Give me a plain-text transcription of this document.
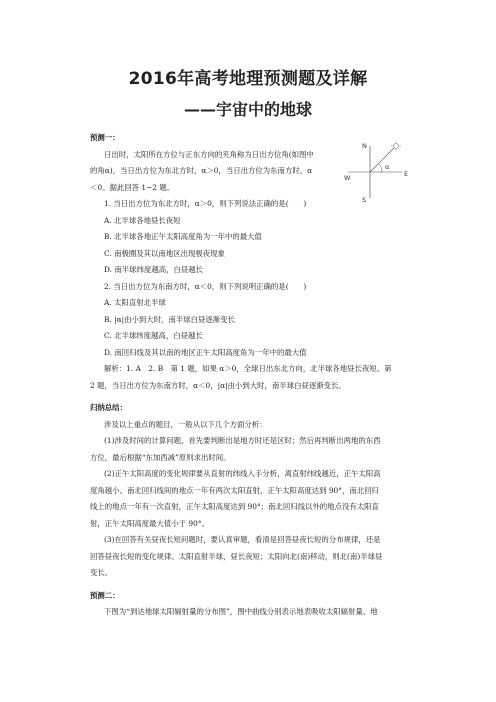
2016年高考地理预测题及详解
——宇宙中的地球
N
S
W	E
α

预测一：

日出时，太阳所在方位与正东方向的夹角称为日出方位角(如图中

的角α)，当日出方位为东北方时，α＞0，当日出方位为东南方时，α

＜0。据此回答 1~2 题。

1. 当日出方位为东北方时，α＞0，则下列说法正确的是(　　)

A. 北半球各地昼长夜短

B. 北半球各地正午太阳高度角为一年中的最大值

C. 南极圈及其以南地区出现极夜现象

D. 南半球纬度越高，白昼越长

2. 当日出方位为东南方时，α＜0，则下列说明正确的是(　　)

A. 太阳直射北半球

B. |α|由小到大时，南半球白昼逐渐变长

C. 北半球纬度越高，白昼越长

D. 南回归线及其以南的地区正午太阳高度角为一年中的最大值

解析：1. A　2. B　第 1 题，如果 α＞0，全球日出东北方向，北半球各地昼长夜短。第

2 题，当日出方位为东南方时，α＜0，|α|由小到大时，南半球白昼逐渐变长。

归纳总结：

涉及以上重点的题目，一般从以下几个方面分析：

(1)涉及时间的计算问题，首先要判断出是地方时还是区时；然后再判断出两地的东西

方位，最后根据“东加西减”原则求出时间。

(2)正午太阳高度的变化规律要从直射的纬线入手分析，离直射纬线越近，正午太阳高

度角越小。南北回归线间的地点一年有两次太阳直射，正午太阳高度达到 90°，南北回归

线上的地点一年有一次直射，正午太阳高度达到 90°；南北回归线以外的地点没有太阳直

射，正午太阳高度最大值小于 90°。

(3)在回答有关昼夜长短问题时，要认真审题，看清是回答昼夜长短的分布规律，还是

回答昼夜长短的变化规律。太阳直射半球，昼长夜短；太阳向北(南)移动，则北(南)半球昼

变长。

预测二：

下图为“到达地球太阳辐射量的分布图”，图中曲线分别表示地表吸收太阳辐射量、地
